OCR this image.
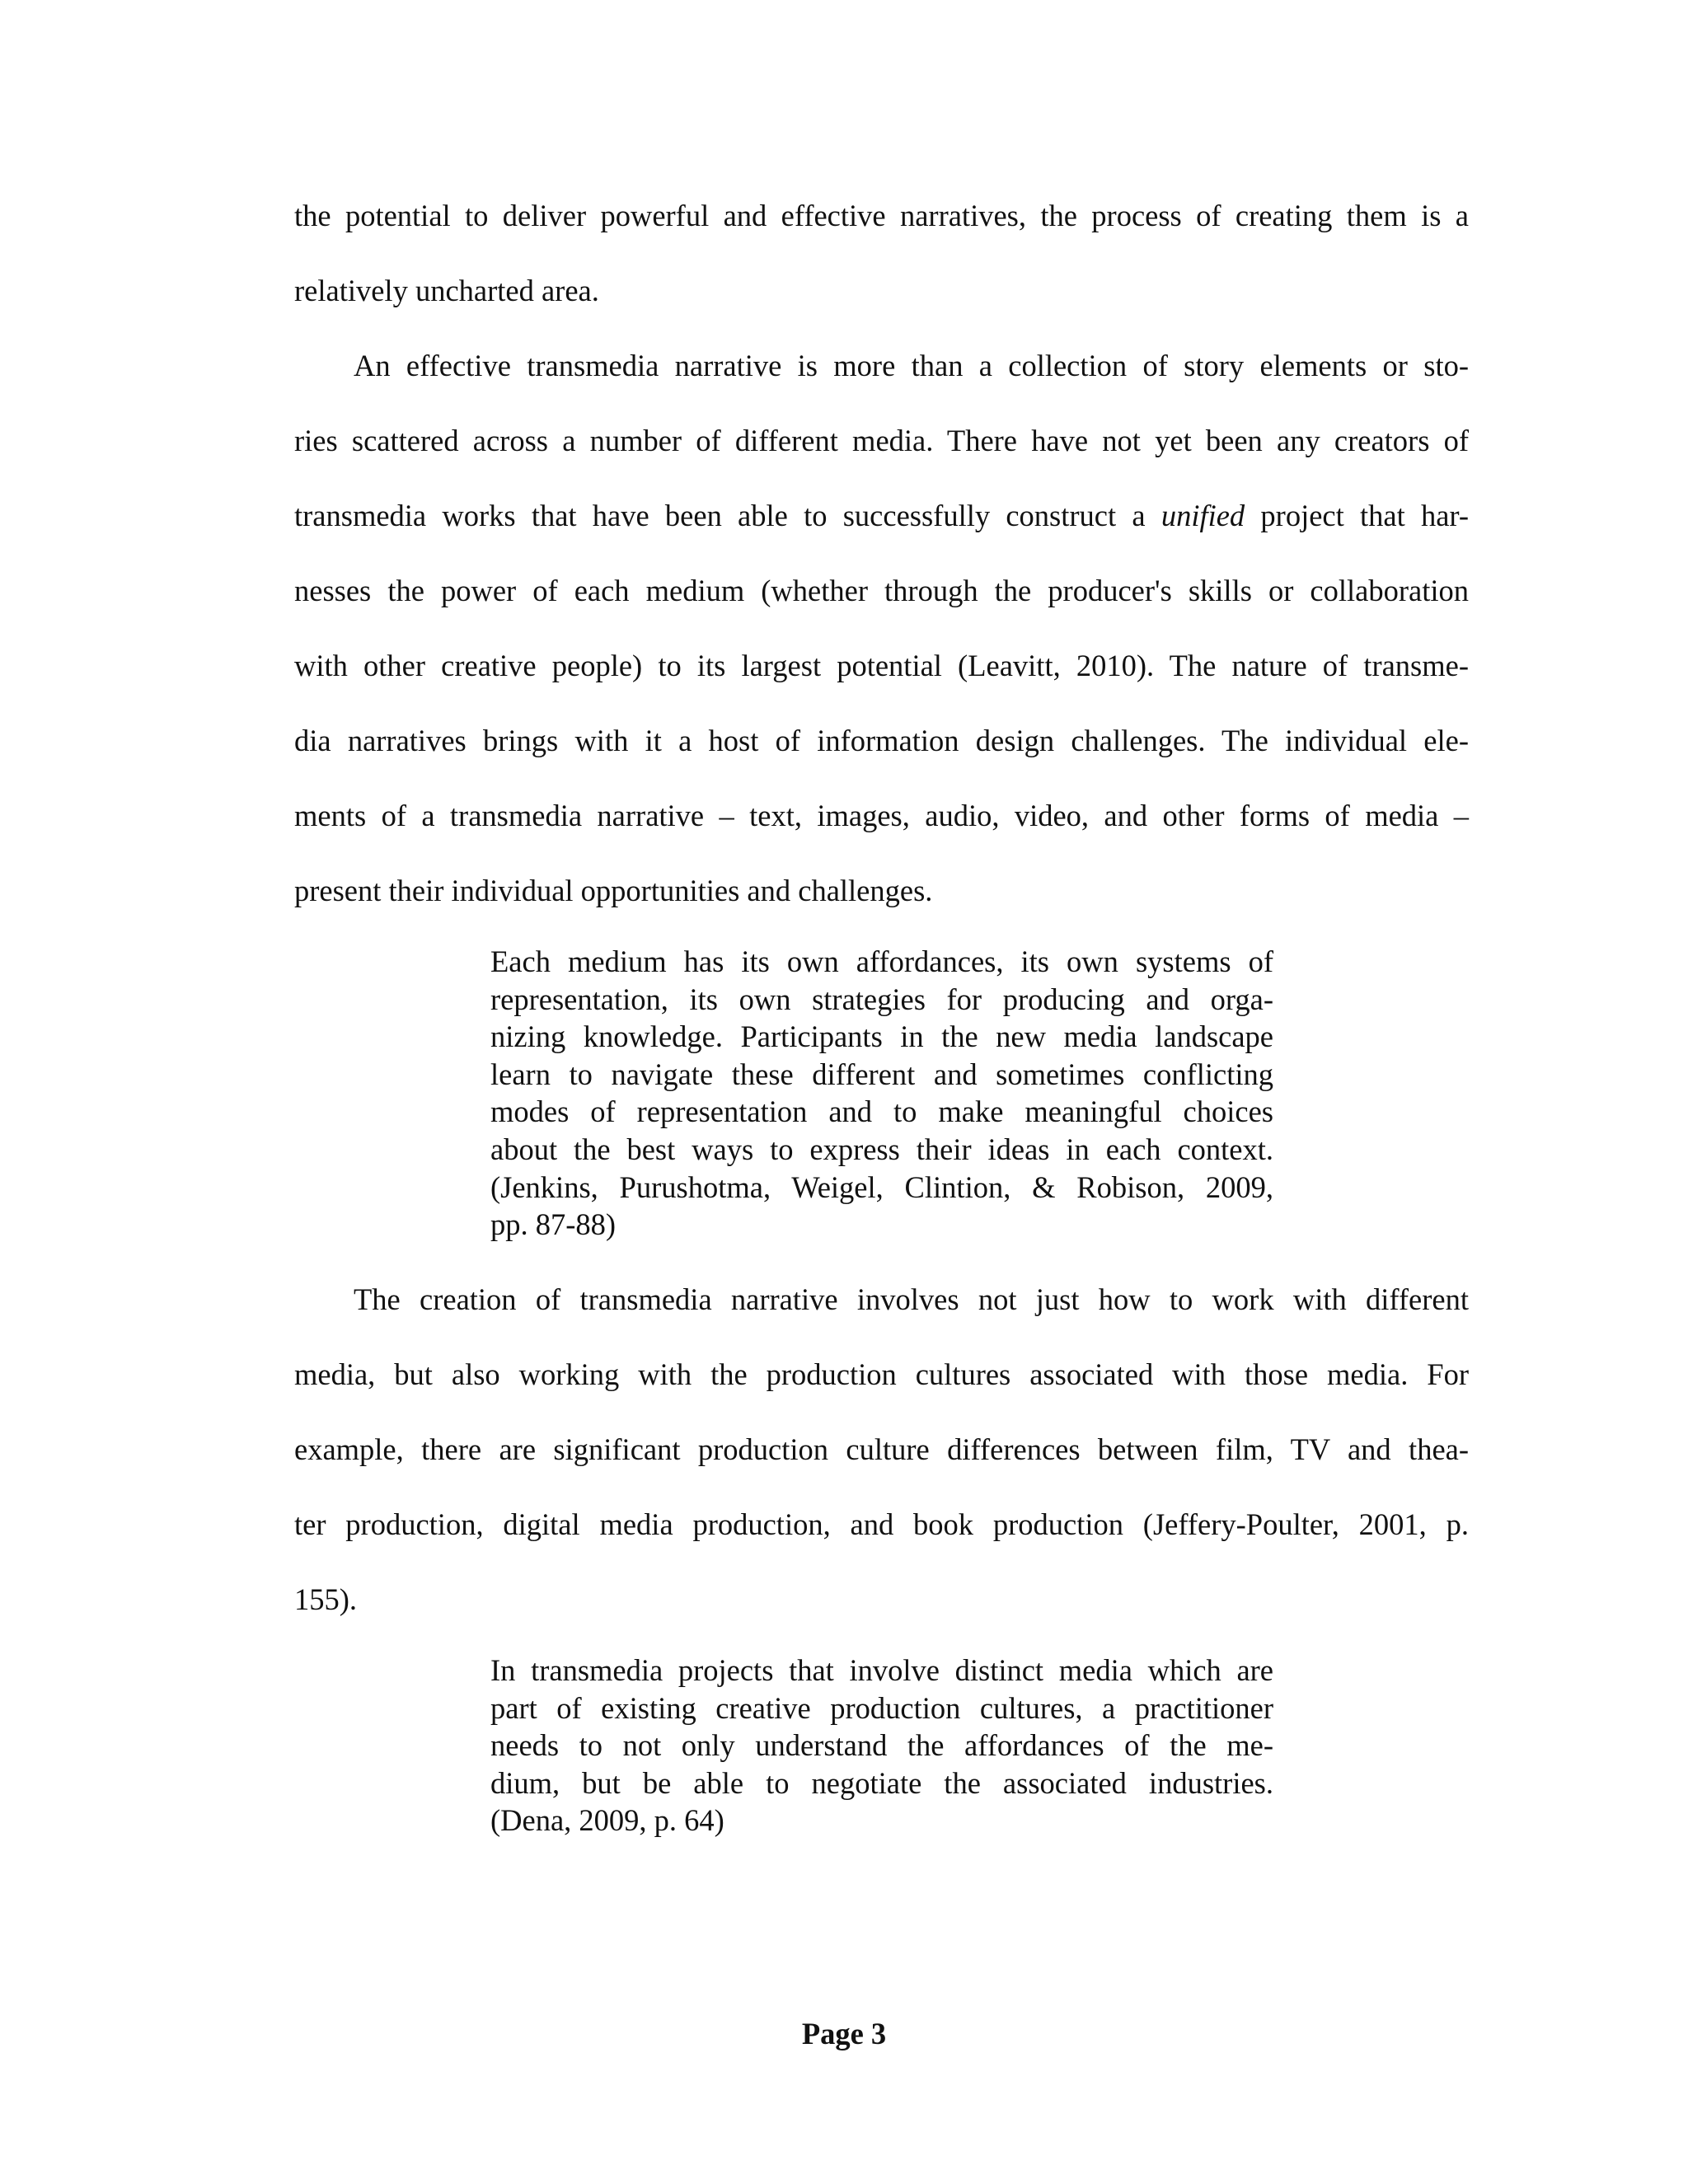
the potential to deliver powerful and effective narratives, the process of creating them is a
relatively uncharted area.
An effective transmedia narrative is more than a collection of story elements or sto-
ries scattered across a number of different media. There have not yet been any creators of
transmedia works that have been able to successfully construct a unified project that har-
nesses the power of each medium (whether through the producer's skills or collaboration
with other creative people) to its largest potential (Leavitt, 2010). The nature of transme-
dia narratives brings with it a host of information design challenges. The individual ele-
ments of a transmedia narrative – text, images, audio, video, and other forms of media –
present their individual opportunities and challenges.
Each medium has its own affordances, its own systems of
representation, its own strategies for producing and orga-
nizing knowledge. Participants in the new media landscape
learn to navigate these different and sometimes conflicting
modes of representation and to make meaningful choices
about the best ways to express their ideas in each context.
(Jenkins, Purushotma, Weigel, Clintion, & Robison, 2009,
pp. 87-88)
The creation of transmedia narrative involves not just how to work with different
media, but also working with the production cultures associated with those media. For
example, there are significant production culture differences between film, TV and thea-
ter production, digital media production, and book production (Jeffery-Poulter, 2001, p.
155).
In transmedia projects that involve distinct media which are
part of existing creative production cultures, a practitioner
needs to not only understand the affordances of the me-
dium, but be able to negotiate the associated industries.
(Dena, 2009, p. 64)
Page 3
